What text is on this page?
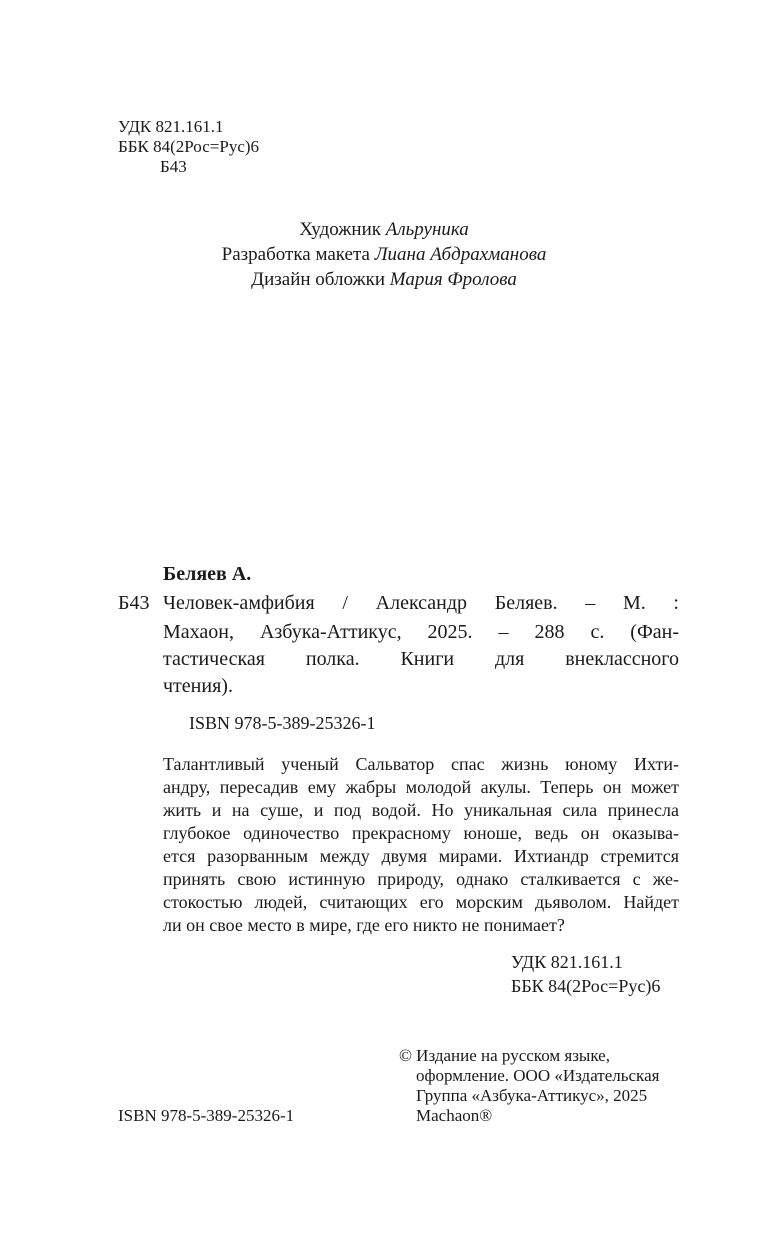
УДК 821.161.1
ББК 84(2Рос=Рус)6
Б43
Художник Альруника
Разработка макета Лиана Абдрахманова
Дизайн обложки Мария Фролова
Беляев А.
Б43 Человек-амфибия / Александр Беляев. – М. :
Махаон, Азбука-Аттикус, 2025. – 288 с. (Фан-
тастическая полка. Книги для внеклассного
чтения).
ISBN 978-5-389-25326-1
Талантливый ученый Сальватор спас жизнь юному Ихти-
андру, пересадив ему жабры молодой акулы. Теперь он может
жить и на суше, и под водой. Но уникальная сила принесла
глубокое одиночество прекрасному юноше, ведь он оказыва-
ется разорванным между двумя мирами. Ихтиандр стремится
принять свою истинную природу, однако сталкивается с же-
стокостью людей, считающих его морским дьяволом. Найдет
ли он свое место в мире, где его никто не понимает?
УДК 821.161.1
ББК 84(2Рос=Рус)6
ISBN 978-5-389-25326-1
© Издание на русском языке,
оформление. ООО «Издательская
Группа «Азбука-Аттикус», 2025
Machaon®
